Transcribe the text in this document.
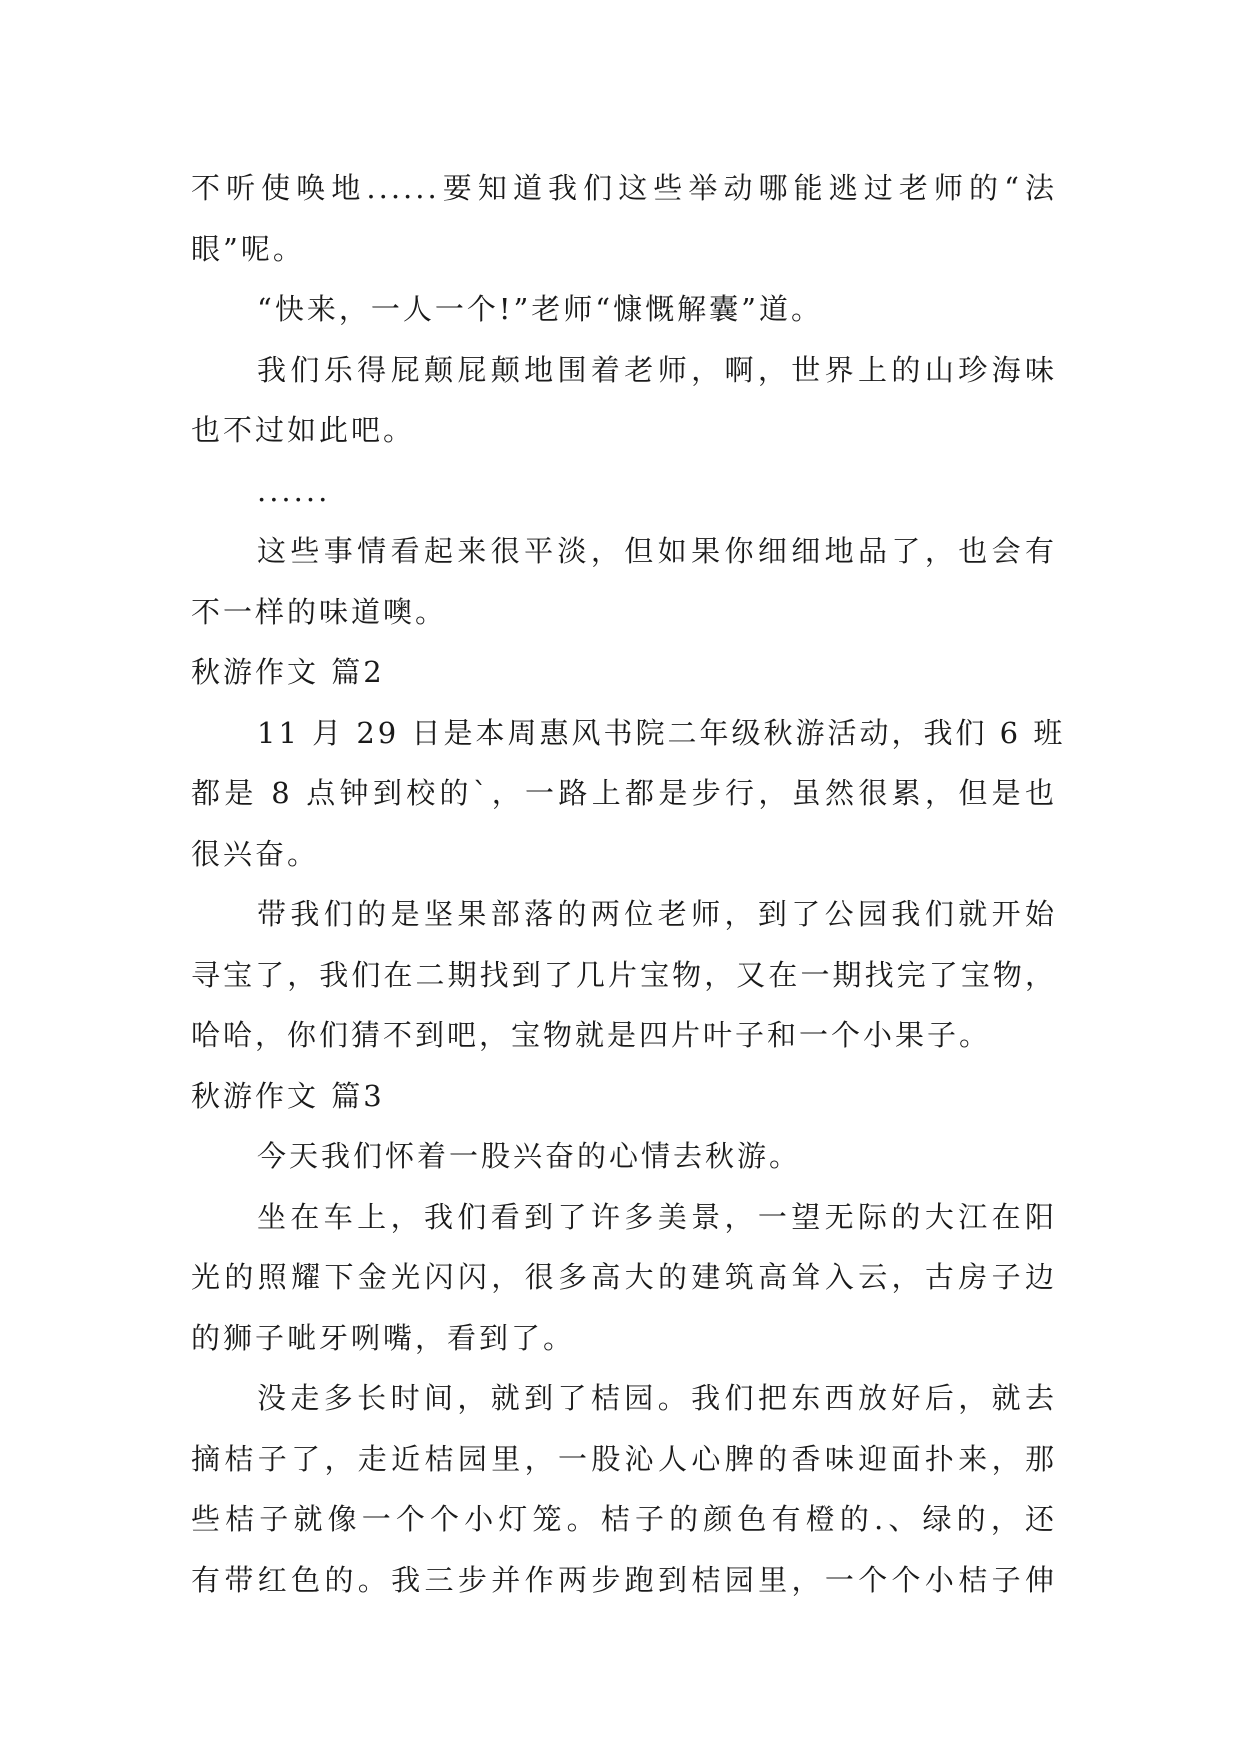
不听使唤地......要知道我们这些举动哪能逃过老师的“法
眼”呢。
“快来，一人一个!”老师“慷慨解囊”道。
我们乐得屁颠屁颠地围着老师，啊，世界上的山珍海味
也不过如此吧。
......
这些事情看起来很平淡，但如果你细细地品了，也会有
不一样的味道噢。
秋游作文 篇2
11 月 29 日是本周惠风书院二年级秋游活动，我们 6 班
都是 8 点钟到校的`，一路上都是步行，虽然很累，但是也
很兴奋。
带我们的是坚果部落的两位老师，到了公园我们就开始
寻宝了，我们在二期找到了几片宝物，又在一期找完了宝物，
哈哈，你们猜不到吧，宝物就是四片叶子和一个小果子。
秋游作文 篇3
今天我们怀着一股兴奋的心情去秋游。
坐在车上，我们看到了许多美景，一望无际的大江在阳
光的照耀下金光闪闪，很多高大的建筑高耸入云，古房子边
的狮子呲牙咧嘴，看到了。
没走多长时间，就到了桔园。我们把东西放好后，就去
摘桔子了，走近桔园里，一股沁人心脾的香味迎面扑来，那
些桔子就像一个个小灯笼。桔子的颜色有橙的.、绿的，还
有带红色的。我三步并作两步跑到桔园里，一个个小桔子伸
